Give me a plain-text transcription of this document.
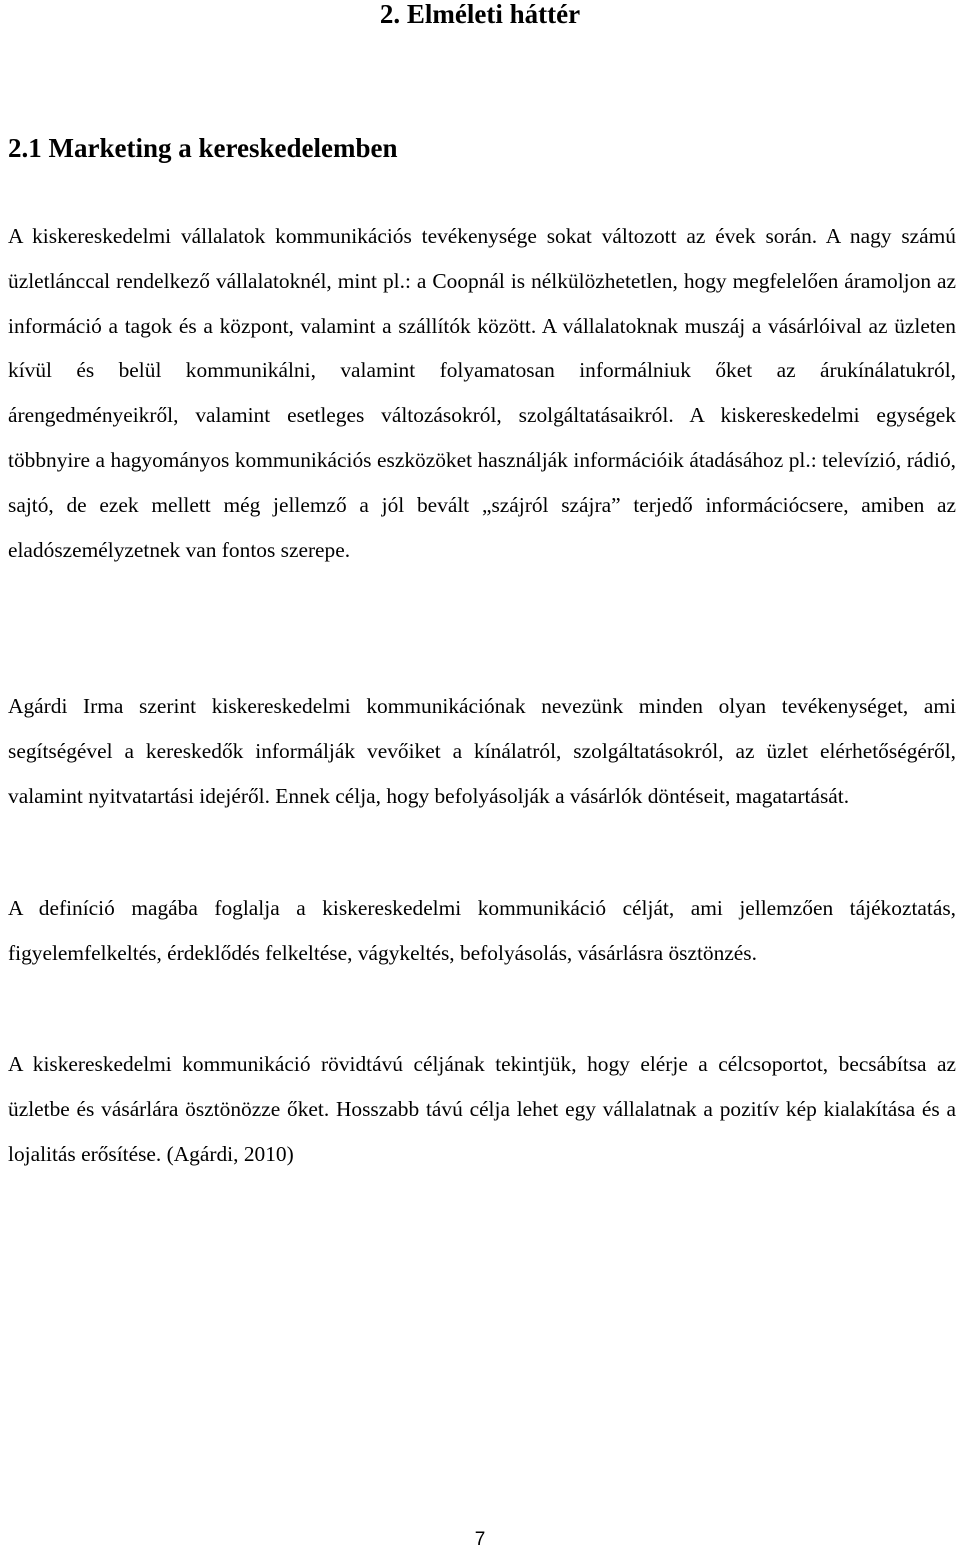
2. Elméleti háttér
2.1 Marketing a kereskedelemben

A kiskereskedelmi vállalatok kommunikációs tevékenysége sokat változott az évek során. A nagy számú üzletlánccal rendelkező vállalatoknél, mint pl.: a Coopnál is nélkülözhetetlen, hogy megfelelően áramoljon az információ a tagok és a központ, valamint a szállítók között. A vállalatoknak muszáj a vásárlóival az üzleten kívül és belül kommunikálni, valamint folyamatosan informálniuk őket az árukínálatukról, árengedményeikről, valamint esetleges változásokról, szolgáltatásaikról. A kiskereskedelmi egységek többnyire a hagyományos kommunikációs eszközöket használják információik átadásához pl.: televízió, rádió, sajtó, de ezek mellett még jellemző a jól bevált „szájról szájra” terjedő információcsere, amiben az eladószemélyzetnek van fontos szerepe.

Agárdi Irma szerint kiskereskedelmi kommunikációnak nevezünk minden olyan tevékenységet, ami segítségével a kereskedők informálják vevőiket a kínálatról, szolgáltatásokról, az üzlet elérhetőségéről, valamint nyitvatartási idejéről. Ennek célja, hogy befolyásolják a vásárlók döntéseit, magatartását.

A definíció magába foglalja a kiskereskedelmi kommunikáció célját, ami jellemzően tájékoztatás, figyelemfelkeltés, érdeklődés felkeltése, vágykeltés, befolyásolás, vásárlásra ösztönzés.

A kiskereskedelmi kommunikáció rövidtávú céljának tekintjük, hogy elérje a célcsoportot, becsábítsa az üzletbe és vásárlára ösztönözze őket. Hosszabb távú célja lehet egy vállalatnak a pozitív kép kialakítása és a lojalitás erősítése. (Agárdi, 2010)

7
